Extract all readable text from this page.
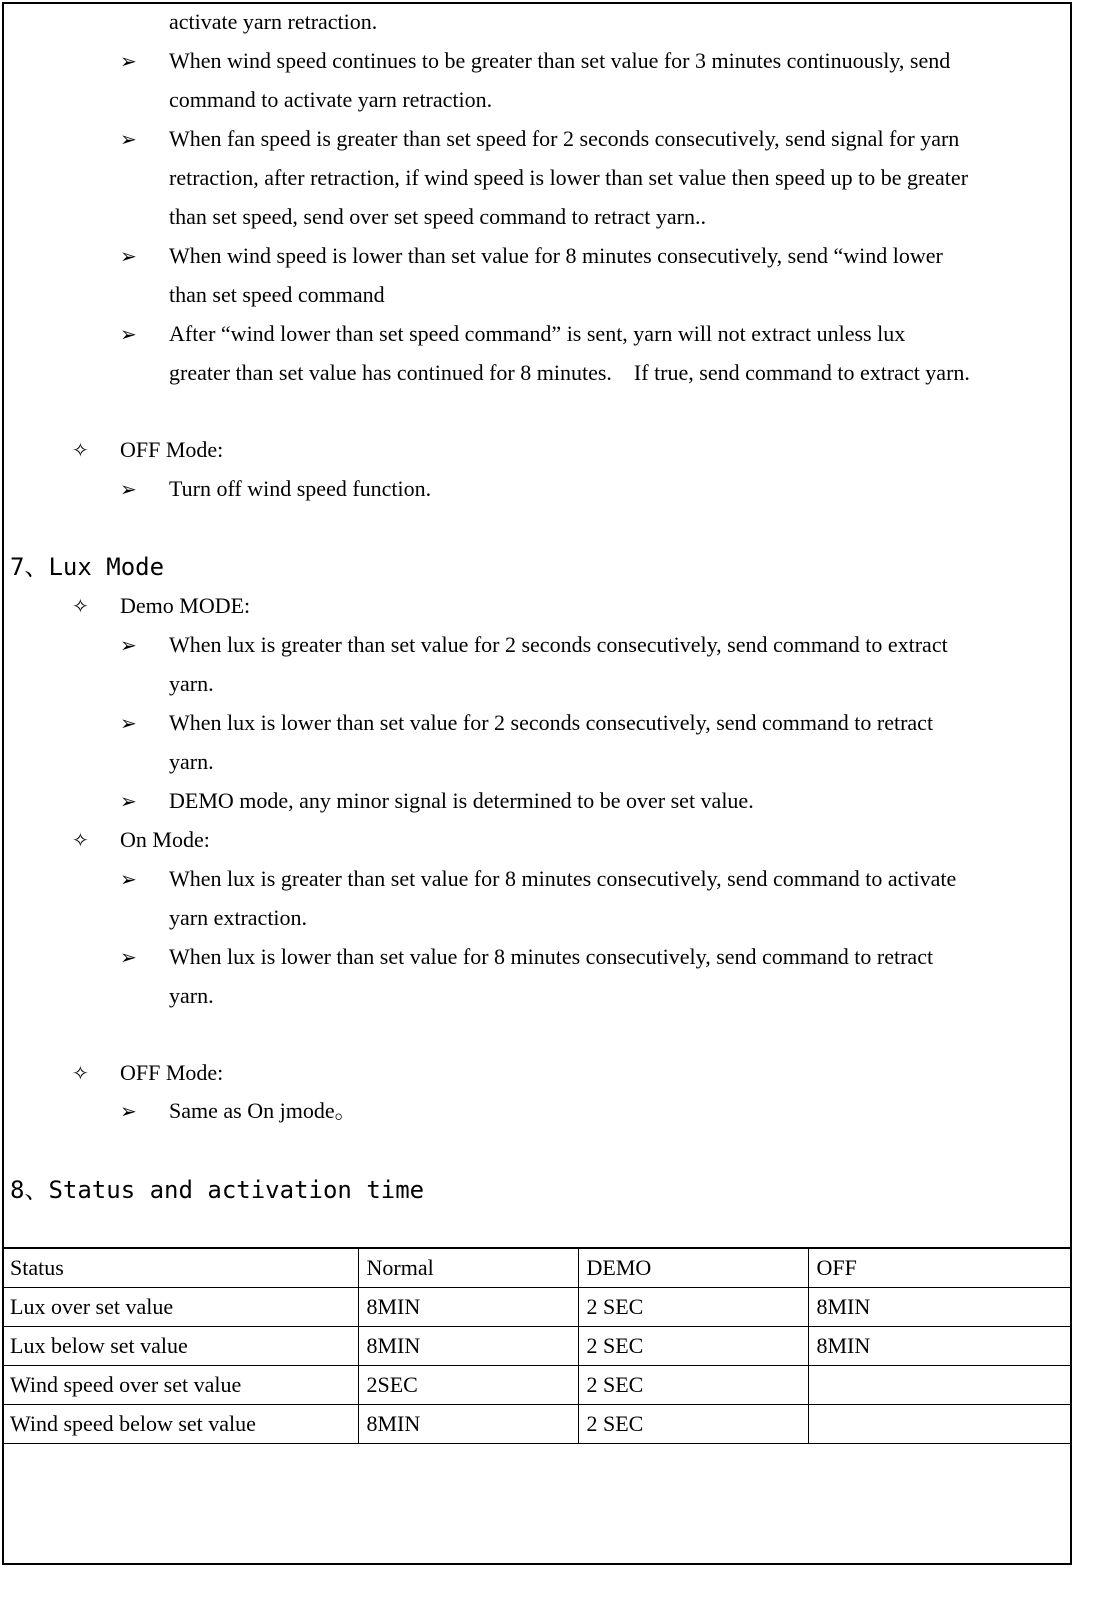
activate yarn retraction.
➢ When wind speed continues to be greater than set value for 3 minutes continuously, send
command to activate yarn retraction.
➢ When fan speed is greater than set speed for 2 seconds consecutively, send signal for yarn
retraction, after retraction, if wind speed is lower than set value then speed up to be greater
than set speed, send over set speed command to retract yarn..
➢ When wind speed is lower than set value for 8 minutes consecutively, send “wind lower
than set speed command
➢ After “wind lower than set speed command” is sent, yarn will not extract unless lux
greater than set value has continued for 8 minutes.    If true, send command to extract yarn.
✧ OFF Mode:
➢ Turn off wind speed function.
7、Lux Mode
✧ Demo MODE:
➢ When lux is greater than set value for 2 seconds consecutively, send command to extract
yarn.
➢ When lux is lower than set value for 2 seconds consecutively, send command to retract
yarn.
➢ DEMO mode, any minor signal is determined to be over set value.
✧ On Mode:
➢ When lux is greater than set value for 8 minutes consecutively, send command to activate
yarn extraction.
➢ When lux is lower than set value for 8 minutes consecutively, send command to retract
yarn.
✧ OFF Mode:
➢ Same as On jmode。
8、Status and activation time
Status	Normal	DEMO	OFF
Lux over set value	8MIN	2 SEC	8MIN
Lux below set value	8MIN	2 SEC	8MIN
Wind speed over set value	2SEC	2 SEC	
Wind speed below set value	8MIN	2 SEC	
